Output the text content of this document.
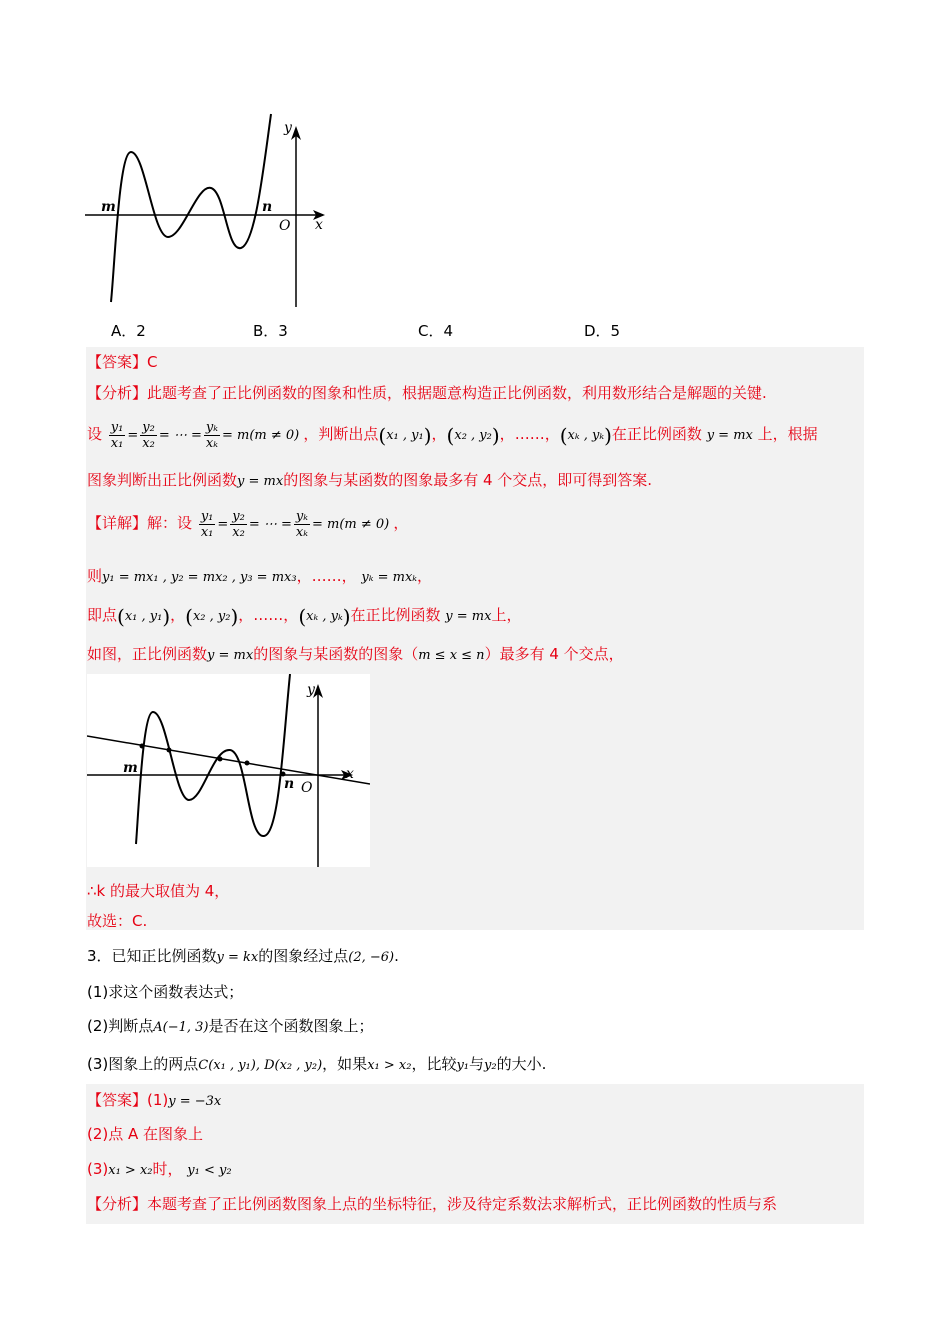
m	n
O x
y
A．2	B．3	C．4	D．5
【答案】C
【分析】此题考查了正比例函数的图象和性质，根据题意构造正比例函数，利用数形结合是解题的关键.
设 $\frac{\text{y₁}}{\text{x₁}} = \frac{\text{y₂}}{\text{x₂}}$ = ⋯ = $\frac{\text{yₖ}}{\text{xₖ}} = m(m \ne 0)$ ，判断出点(x₁ , y₁)，(x₂ , y₂)，……，(xₖ , yₖ)在正比例函数 y = mx 上，根据
图象判断出正比例函数y = mx的图象与某函数的图象最多有 4 个交点，即可得到答案.
【详解】解：设 $\frac{\text{y₁}}{\text{x₁}} = \frac{\text{y₂}}{\text{x₂}}$ = ⋯ = $\frac{\text{yₖ}}{\text{xₖ}} = m(m \ne 0)$ ，
则y₁ = mx₁ , y₂ = mx₂ , y₃ = mx₃，……， yₖ = mxₖ，
即点(x₁ , y₁)，(x₂ , y₂)，……，(xₖ , yₖ)在正比例函数 y = mx上，
如图，正比例函数y = mx的图象与某函数的图象（m ≤ x ≤ n）最多有 4 个交点，
m
n O
x
y
∴k 的最大取值为 4，
故选：C.
3．已知正比例函数y = kx的图象经过点(2, −6).
(1)求这个函数表达式；
(2)判断点A(−1, 3)是否在这个函数图象上；
(3)图象上的两点C(x₁ , y₁), D(x₂ , y₂)，如果x₁ > x₂，比较y₁与y₂的大小.
【答案】(1)y = −3x
(2)点 A 在图象上
(3)x₁ > x₂时， y₁ < y₂
【分析】本题考查了正比例函数图象上点的坐标特征，涉及待定系数法求解析式，正比例函数的性质与系
